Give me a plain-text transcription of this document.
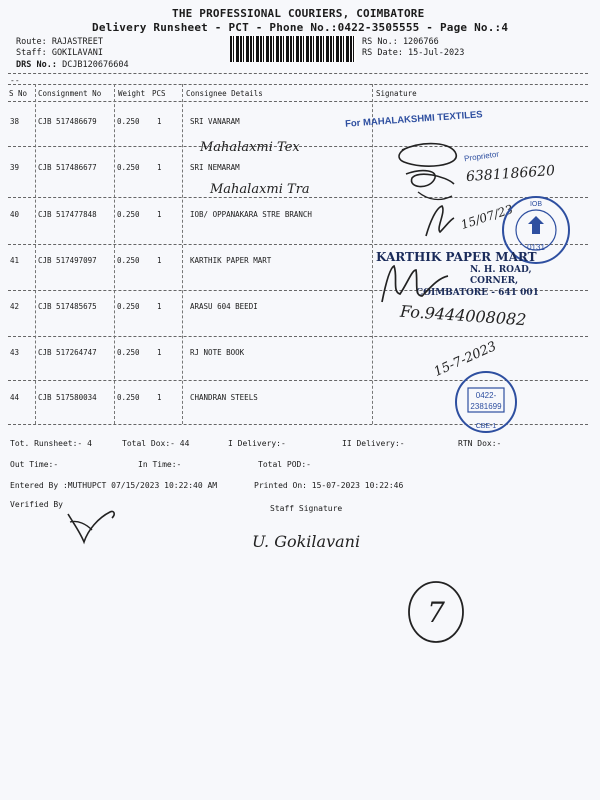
THE PROFESSIONAL COURIERS, COIMBATORE
Delivery Runsheet - PCT - Phone No.:0422-3505555 - Page No.:4
Route: RAJASTREET
Staff: GOKILAVANI
DRS No.: DCJB120676604
RS No.: 1206766
RS Date: 15-Jul-2023
--
S No Consignment No Weight PCS	Consignee Details	Signature
38	CJB 517486679	0.250 1	SRI VANARAM
39	CJB 517486677	0.250 1	SRI NEMARAM
40	CJB 517477848	0.250 1	IOB/ OPPANAKARA STRE BRANCH
41	CJB 517497097	0.250 1	KARTHIK PAPER MART
42	CJB 517485675	0.250 1	ARASU 604 BEEDI
43	CJB 517264747	0.250 1	RJ NOTE BOOK
44	CJB 517580034	0.250 1	CHANDRAN STEELS
Mahalaxmi Tex
Mahalaxmi Tra
For MAHALAKSHMI TEXTILES
Proprietor
6381186620
15/07/23 IOB
0131
KARTHIK PAPER MART
N. H. ROAD,
CORNER,
COIMBATORE - 641 001
Fo.9444008082
15-7-2023
0422-
2381699
CBE-1
Tot. Runsheet:- 4	Total Dox:- 44	I Delivery:-	II Delivery:-	RTN Dox:-
Out Time:-	In Time:-	Total POD:-
Entered By :MUTHUPCT 07/15/2023 10:22:40 AM	Printed On: 15-07-2023 10:22:46
Verified By	Staff Signature
U. Gokilavani
7
